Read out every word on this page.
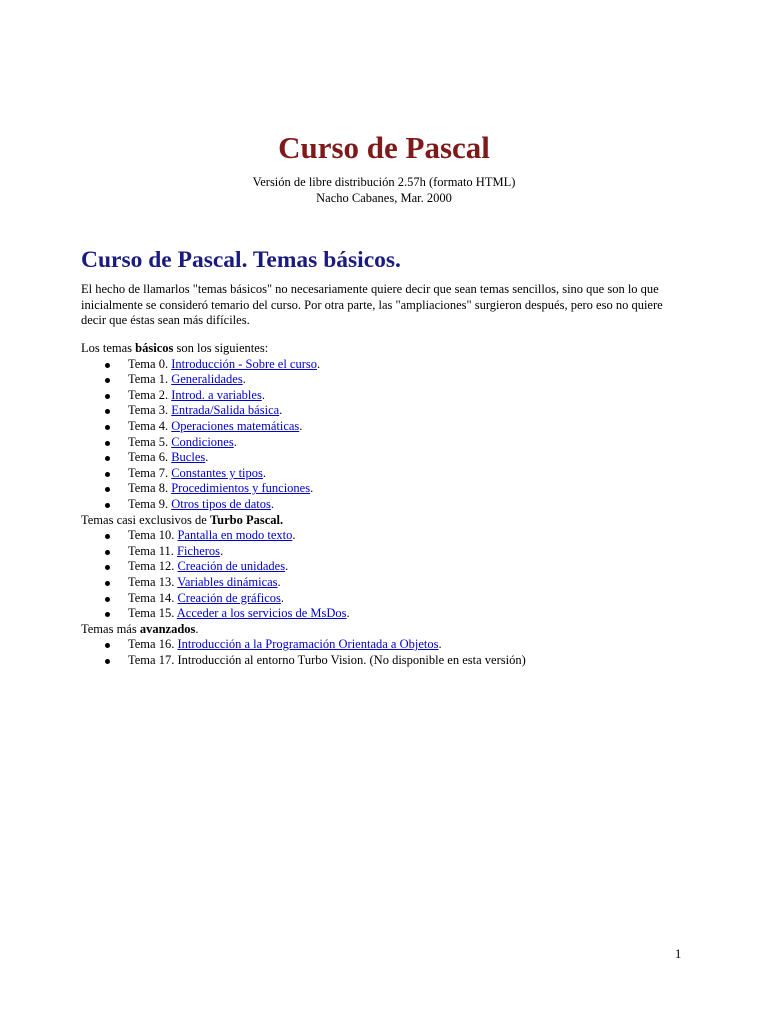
Curso de Pascal
Versión de libre distribución 2.57h (formato HTML)
Nacho Cabanes, Mar. 2000
Curso de Pascal. Temas básicos.
El hecho de llamarlos "temas básicos" no necesariamente quiere decir que sean temas sencillos, sino que son lo que
inicialmente se consideró temario del curso. Por otra parte, las "ampliaciones" surgieron después, pero eso no quiere
decir que éstas sean más difíciles.
Los temas básicos son los siguientes:
Tema 0. Introducción - Sobre el curso.
Tema 1. Generalidades.
Tema 2. Introd. a variables.
Tema 3. Entrada/Salida básica.
Tema 4. Operaciones matemáticas.
Tema 5. Condiciones.
Tema 6. Bucles.
Tema 7. Constantes y tipos.
Tema 8. Procedimientos y funciones.
Tema 9. Otros tipos de datos.
Temas casi exclusivos de Turbo Pascal.
Tema 10. Pantalla en modo texto.
Tema 11. Ficheros.
Tema 12. Creación de unidades.
Tema 13. Variables dinámicas.
Tema 14. Creación de gráficos.
Tema 15. Acceder a los servicios de MsDos.
Temas más avanzados.
Tema 16. Introducción a la Programación Orientada a Objetos.
Tema 17. Introducción al entorno Turbo Vision. (No disponible en esta versión)
1
